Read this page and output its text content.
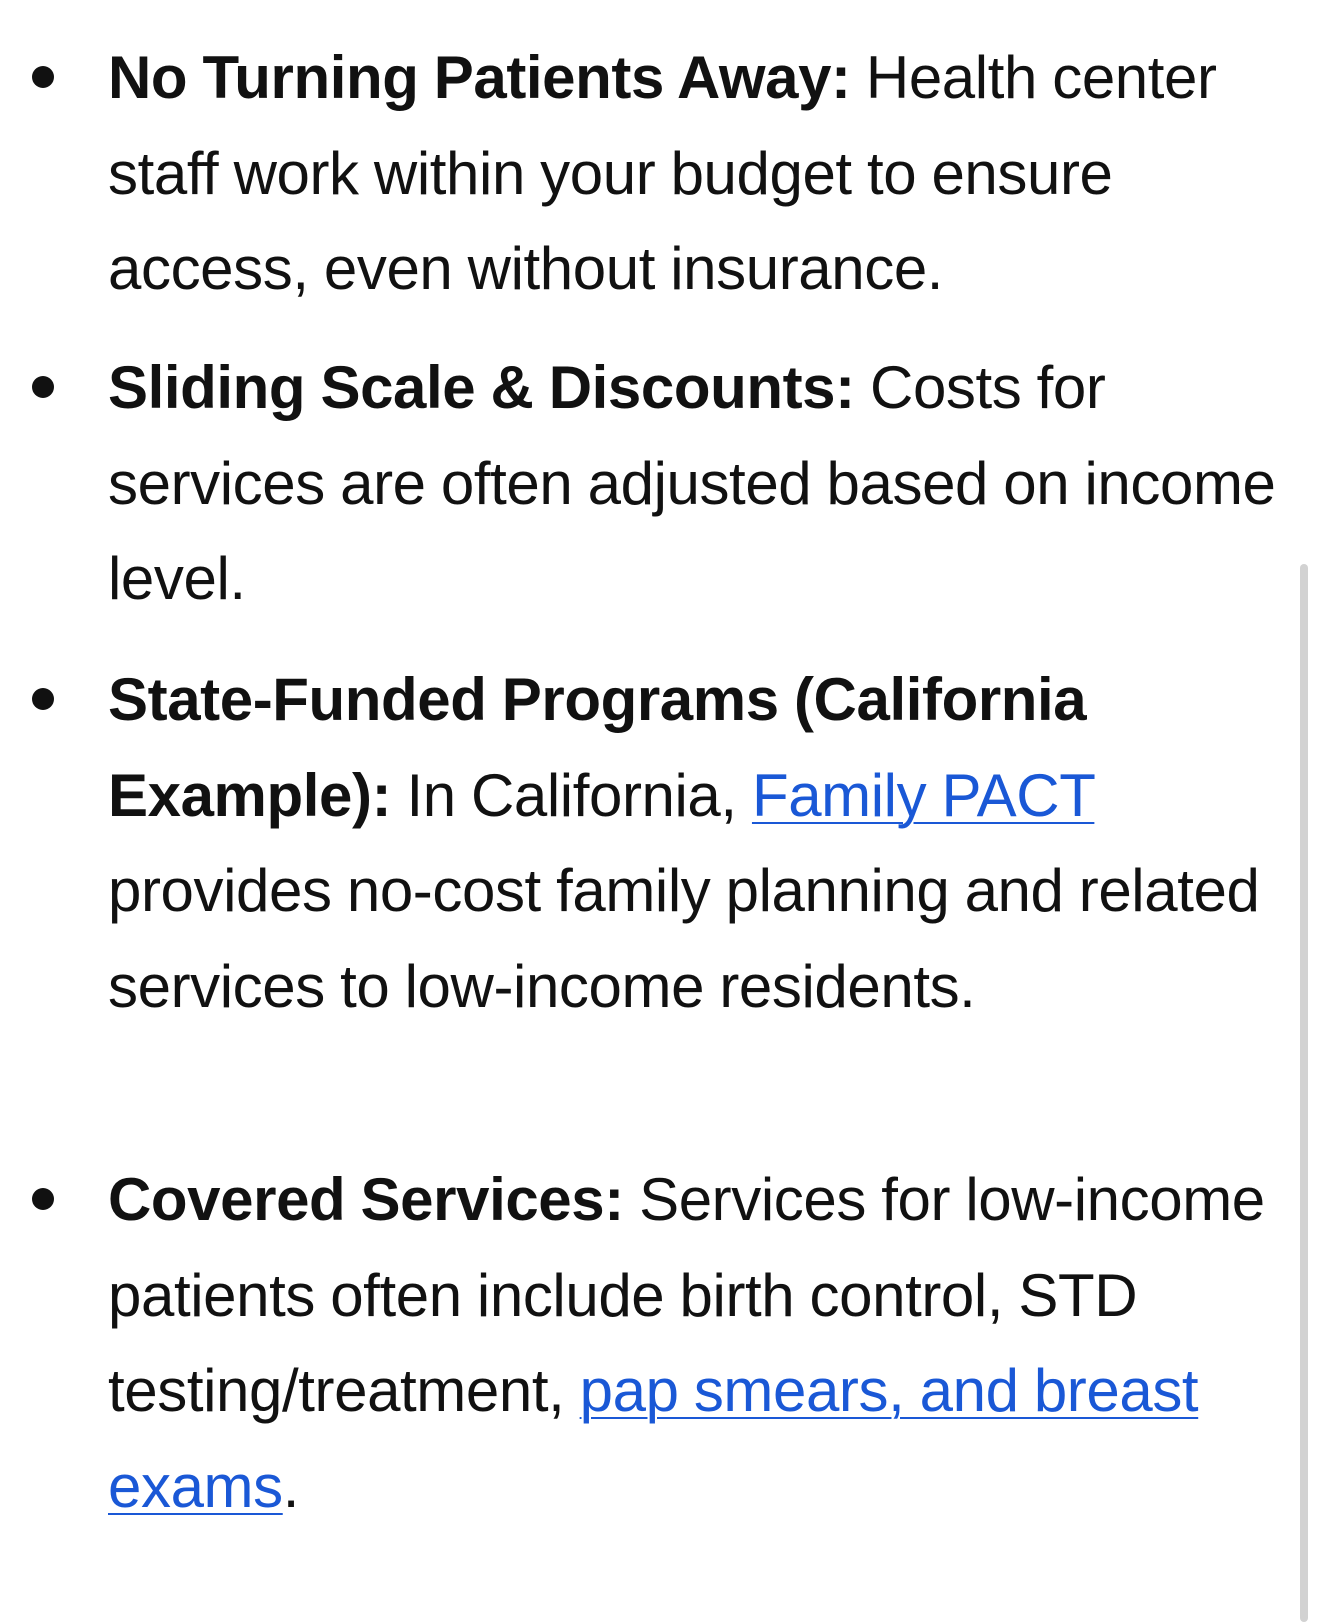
No Turning Patients Away: Health center staff work within your budget to ensure access, even without insurance.

Sliding Scale & Discounts: Costs for services are often adjusted based on income level.

State-Funded Programs (California Example): In California, Family PACT provides no-cost family planning and related services to low-income residents.

Covered Services: Services for low-income patients often include birth control, STD testing/treatment, pap smears, and breast exams.
